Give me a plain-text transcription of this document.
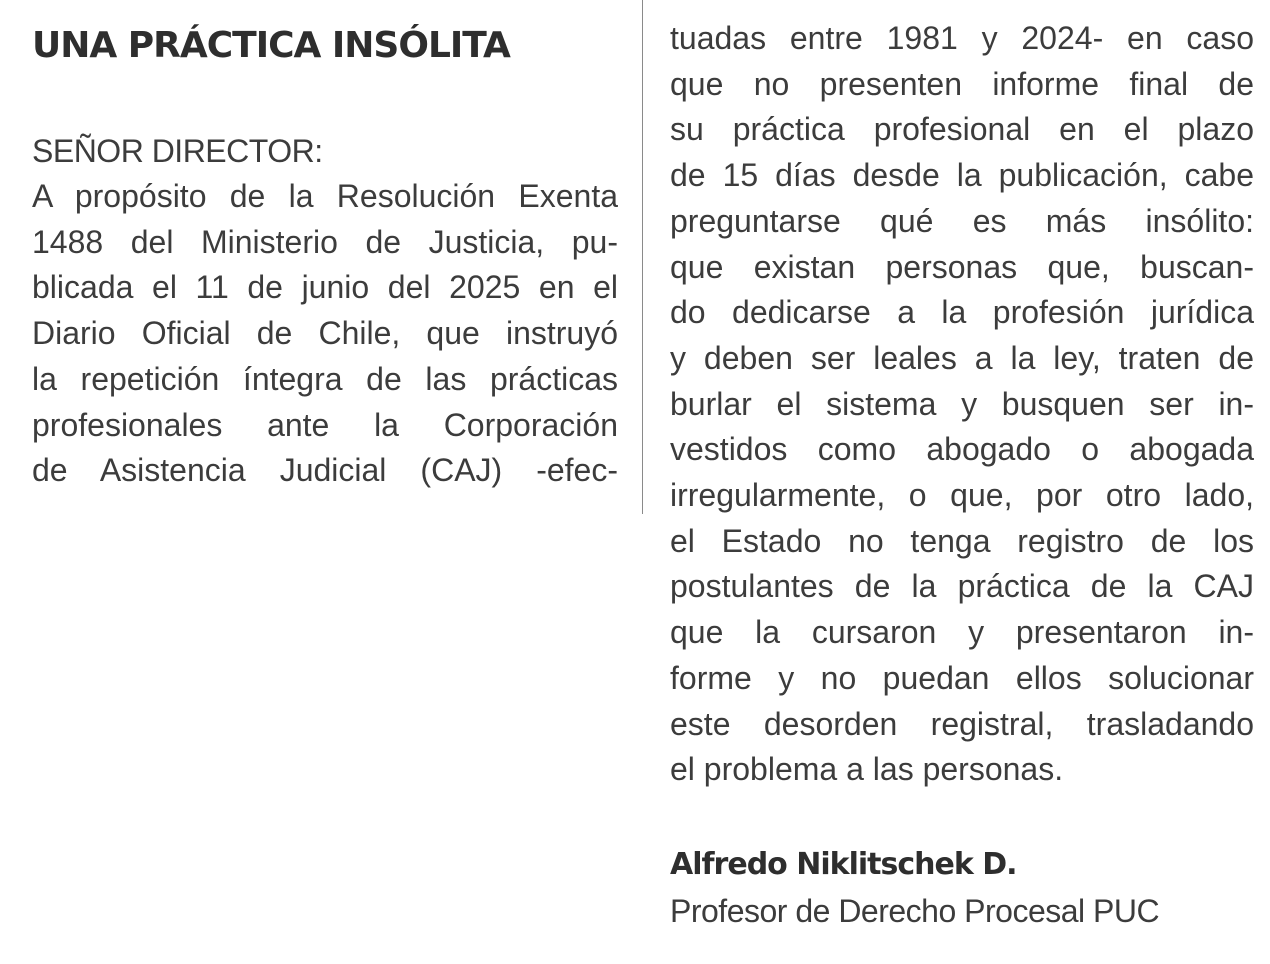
UNA PRÁCTICA INSÓLITA
SEÑOR DIRECTOR:
A propósito de la Resolución Exenta
1488 del Ministerio de Justicia, pu-
blicada el 11 de junio del 2025 en el
Diario Oficial de Chile, que instruyó
la repetición íntegra de las prácticas
profesionales ante la Corporación
de Asistencia Judicial (CAJ) -efec-
tuadas entre 1981 y 2024- en caso
que no presenten informe final de
su práctica profesional en el plazo
de 15 días desde la publicación, cabe
preguntarse qué es más insólito:
que existan personas que, buscan-
do dedicarse a la profesión jurídica
y deben ser leales a la ley, traten de
burlar el sistema y busquen ser in-
vestidos como abogado o abogada
irregularmente, o que, por otro lado,
el Estado no tenga registro de los
postulantes de la práctica de la CAJ
que la cursaron y presentaron in-
forme y no puedan ellos solucionar
este desorden registral, trasladando
el problema a las personas.
Alfredo Niklitschek D.
Profesor de Derecho Procesal PUC
